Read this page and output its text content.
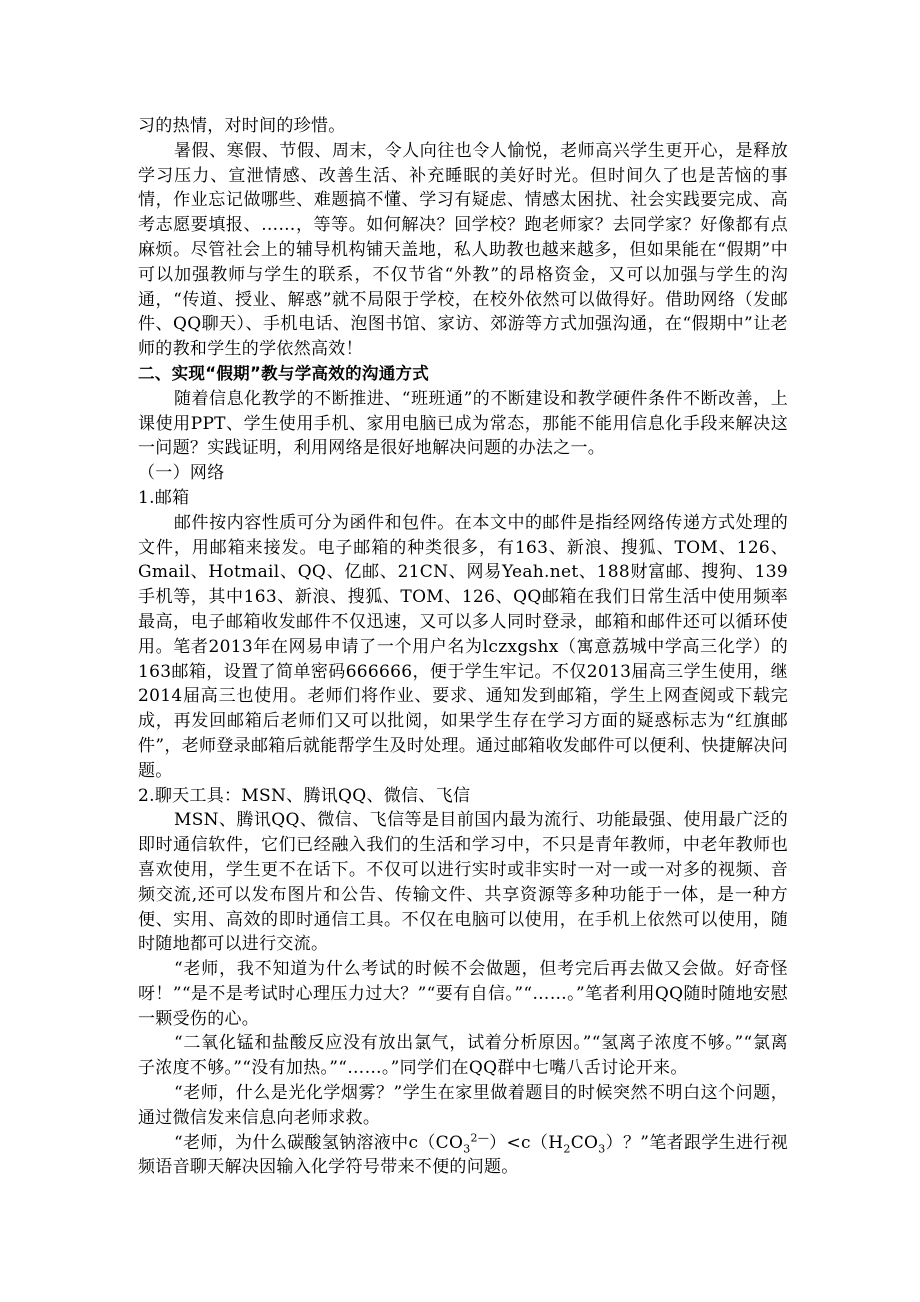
习的热情，对时间的珍惜。

暑假、寒假、节假、周末，令人向往也令人愉悦，老师高兴学生更开心，是释放学习压力、宣泄情感、改善生活、补充睡眠的美好时光。但时间久了也是苦恼的事情，作业忘记做哪些、难题搞不懂、学习有疑虑、情感太困扰、社会实践要完成、高考志愿要填报、……，等等。如何解决？回学校？跑老师家？去同学家？好像都有点麻烦。尽管社会上的辅导机构铺天盖地，私人助教也越来越多，但如果能在“假期”中可以加强教师与学生的联系，不仅节省“外教”的昂格资金，又可以加强与学生的沟通，“传道、授业、解惑”就不局限于学校，在校外依然可以做得好。借助网络（发邮件、QQ聊天）、手机电话、泡图书馆、家访、郊游等方式加强沟通，在“假期中”让老师的教和学生的学依然高效！

二、实现“假期”教与学高效的沟通方式

随着信息化教学的不断推进、“班班通”的不断建设和教学硬件条件不断改善，上课使用PPT、学生使用手机、家用电脑已成为常态，那能不能用信息化手段来解决这一问题？实践证明，利用网络是很好地解决问题的办法之一。

（一）网络

1.邮箱

邮件按内容性质可分为函件和包件。在本文中的邮件是指经网络传递方式处理的文件，用邮箱来接发。电子邮箱的种类很多，有163、新浪、搜狐、TOM、126、Gmail、Hotmail、QQ、亿邮、21CN、网易Yeah.net、188财富邮、搜狗、139手机等，其中163、新浪、搜狐、TOM、126、QQ邮箱在我们日常生活中使用频率最高，电子邮箱收发邮件不仅迅速，又可以多人同时登录，邮箱和邮件还可以循环使用。笔者2013年在网易申请了一个用户名为lczxgshx（寓意荔城中学高三化学）的163邮箱，设置了简单密码666666，便于学生牢记。不仅2013届高三学生使用，继2014届高三也使用。老师们将作业、要求、通知发到邮箱，学生上网查阅或下载完成，再发回邮箱后老师们又可以批阅，如果学生存在学习方面的疑惑标志为“红旗邮件”，老师登录邮箱后就能帮学生及时处理。通过邮箱收发邮件可以便利、快捷解决问题。

2.聊天工具：MSN、腾讯QQ、微信、飞信

MSN、腾讯QQ、微信、飞信等是目前国内最为流行、功能最强、使用最广泛的即时通信软件，它们已经融入我们的生活和学习中，不只是青年教师，中老年教师也喜欢使用，学生更不在话下。不仅可以进行实时或非实时一对一或一对多的视频、音频交流,还可以发布图片和公告、传输文件、共享资源等多种功能于一体，是一种方便、实用、高效的即时通信工具。不仅在电脑可以使用，在手机上依然可以使用，随时随地都可以进行交流。

“老师，我不知道为什么考试的时候不会做题，但考完后再去做又会做。好奇怪呀！”“是不是考试时心理压力过大？”“要有自信。”“……。”笔者利用QQ随时随地安慰一颗受伤的心。

“二氧化锰和盐酸反应没有放出氯气，试着分析原因。”“氢离子浓度不够。”“氯离子浓度不够。”“没有加热。”“……。”同学们在QQ群中七嘴八舌讨论开来。

“老师，什么是光化学烟雾？”学生在家里做着题目的时候突然不明白这个问题，通过微信发来信息向老师求救。

“老师，为什么碳酸氢钠溶液中$c(CO_3^{2—})<c(H_2CO_3)$？”笔者跟学生进行视频语音聊天解决因输入化学符号带来不便的问题。
